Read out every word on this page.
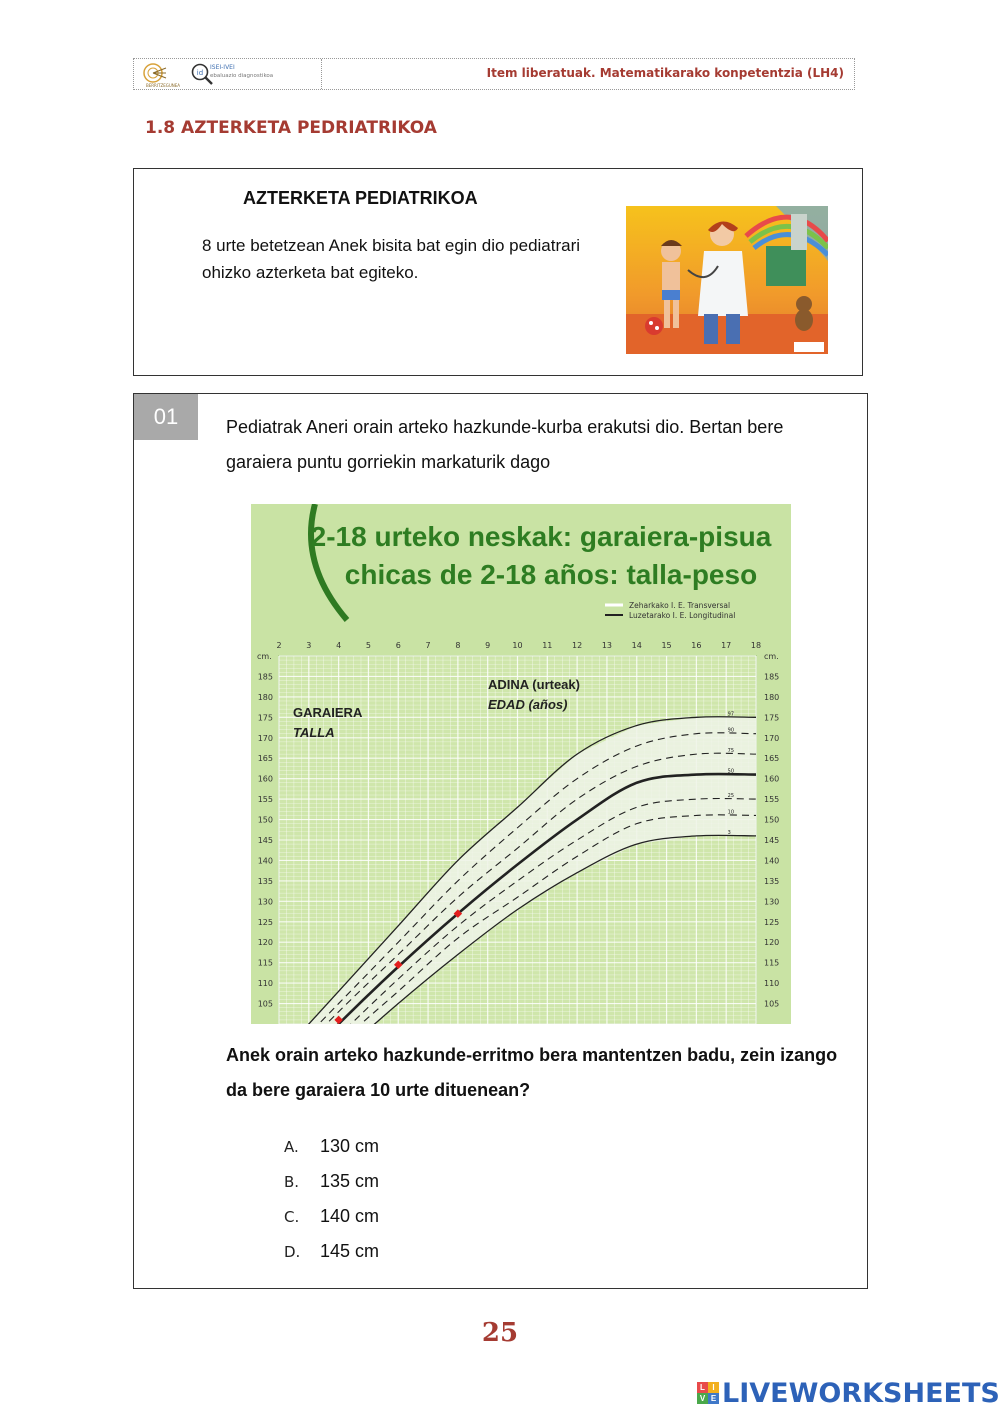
BERRITZEGUNEA
id
ISEI-IVEI
ebaluazio diagnostikoa	Item liberatuak. Matematikarako konpetentzia (LH4)
1.8 AZTERKETA PEDRIATRIKOA
AZTERKETA PEDIATRIKOA
8 urte betetzean Anek bisita bat egin dio pediatrari ohizko azterketa bat egiteko.
01	Pediatrak Aneri orain arteko hazkunde-kurba erakutsi dio. Bertan bere garaiera puntu gorriekin markaturik dago
2-18 urteko neskak: garaiera-pisua
chicas de 2-18 años: talla-peso
Zeharkako I. E. Transversal
Luzetarako I. E. Longitudinal
2	3	4	5	6	7	8	9	10 11 12 13 14 15 16 17 18
105	105
110	110
115	115
120	120
125	125
130	130
135	135
140	140
145	145
150	150
155	155
160	160
165	165
170	170
175	175
180	180
185	185
97
90
75
50
25
10
3
cm.	cm.
ADINA (urteak)
EDAD (años)
GARAIERA
TALLA
Anek orain arteko hazkunde-erritmo bera mantentzen badu, zein izango da bere garaiera 10 urte dituenean?
A. 130 cm
B. 135 cm
C. 140 cm
D. 145 cm
25
L I
V E LIVEWORKSHEETS
